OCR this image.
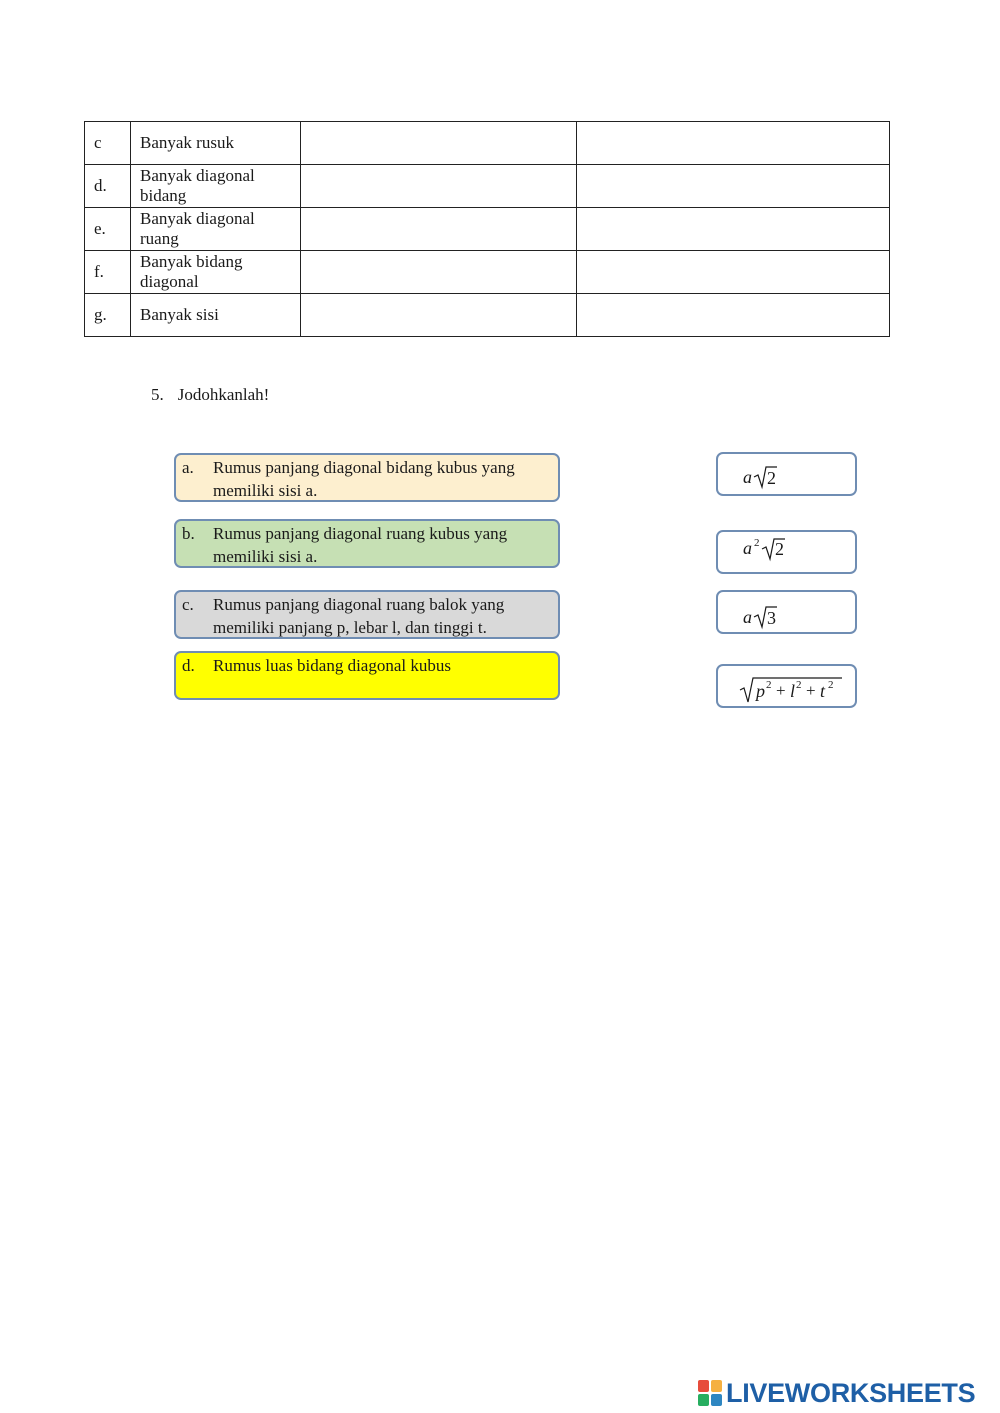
c	Banyak rusuk		
d.	Banyak diagonal bidang		
e.	Banyak diagonal ruang		
f.	Banyak bidang diagonal		
g.	Banyak sisi		
5. Jodohkanlah!
a.	Rumus panjang diagonal bidang kubus yang memiliki sisi a.
b.	Rumus panjang diagonal ruang kubus yang memiliki sisi a.
c.	Rumus panjang diagonal ruang balok yang memiliki panjang p, lebar l, dan tinggi t.
d.	Rumus luas bidang diagonal kubus
a 2
a 2 2
a 3
p 2 + l 2 + t 2
LIVEWORKSHEETS
